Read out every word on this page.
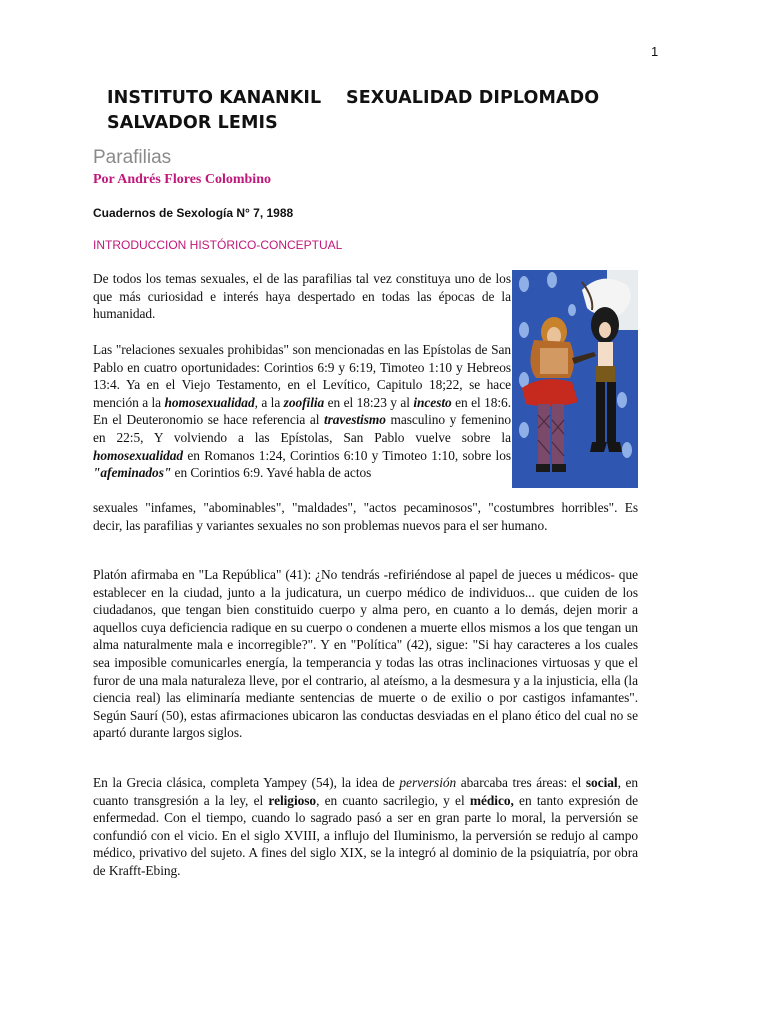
1
INSTITUTO KANANKIL SEXUALIDAD DIPLOMADO
SALVADOR LEMIS
Parafilias
Por Andrés Flores Colombino
Cuadernos de Sexología N° 7, 1988
INTRODUCCION HISTÓRICO-CONCEPTUAL
De todos los temas sexuales, el de las parafilias tal vez constituya uno de los que más curiosidad e interés haya despertado en todas las épocas de la humanidad.
Las "relaciones sexuales prohibidas" son mencionadas en las Epístolas de San Pablo en cuatro oportunidades: Corintios 6:9 y 6:19, Timoteo 1:10 y Hebreos 13:4. Ya en el Viejo Testamento, en el Levítico, Capitulo 18;22, se hace mención a la homosexualidad, a la zoofilia en el 18:23 y al incesto en el 18:6. En el Deuteronomio se hace referencia al travestismo masculino y femenino en 22:5, Y volviendo a las Epístolas, San Pablo vuelve sobre la homosexualidad en Romanos 1:24, Corintios 6:10 y Timoteo 1:10, sobre los "afeminados" en Corintios 6:9. Yavé habla de actos
sexuales "infames, "abominables", "maldades", "actos pecaminosos", "costumbres horribles". Es decir, las parafilias y variantes sexuales no son problemas nuevos para el ser humano.
Platón afirmaba en "La República" (41): ¿No tendrás -refiriéndose al papel de jueces u médicos- que establecer en la ciudad, junto a la judicatura, un cuerpo médico de individuos... que cuiden de los ciudadanos, que tengan bien constituido cuerpo y alma pero, en cuanto a lo demás, dejen morir a aquellos cuya deficiencia radique en su cuerpo o condenen a muerte ellos mismos a los que tengan un alma naturalmente mala e incorregible?". Y en "Política" (42), sigue: "Si hay caracteres a los cuales sea imposible comunicarles energía, la temperancia y todas las otras inclinaciones virtuosas y que el furor de una mala naturaleza lleve, por el contrario, al ateísmo, a la desmesura y a la injusticia, ella (la ciencia real) las eliminaría mediante sentencias de muerte o de exilio o por castigos infamantes". Según Saurí (50), estas afirmaciones ubicaron las conductas desviadas en el plano ético del cual no se apartó durante largos siglos.
En la Grecia clásica, completa Yampey (54), la idea de perversión abarcaba tres áreas: el social, en cuanto transgresión a la ley, el religioso, en cuanto sacrilegio, y el médico, en tanto expresión de enfermedad. Con el tiempo, cuando lo sagrado pasó a ser en gran parte lo moral, la perversión se confundió con el vicio. En el siglo XVIII, a influjo del Iluminismo, la perversión se redujo al campo médico, privativo del sujeto. A fines del siglo XIX, se la integró al dominio de la psiquiatría, por obra de Krafft-Ebing.
